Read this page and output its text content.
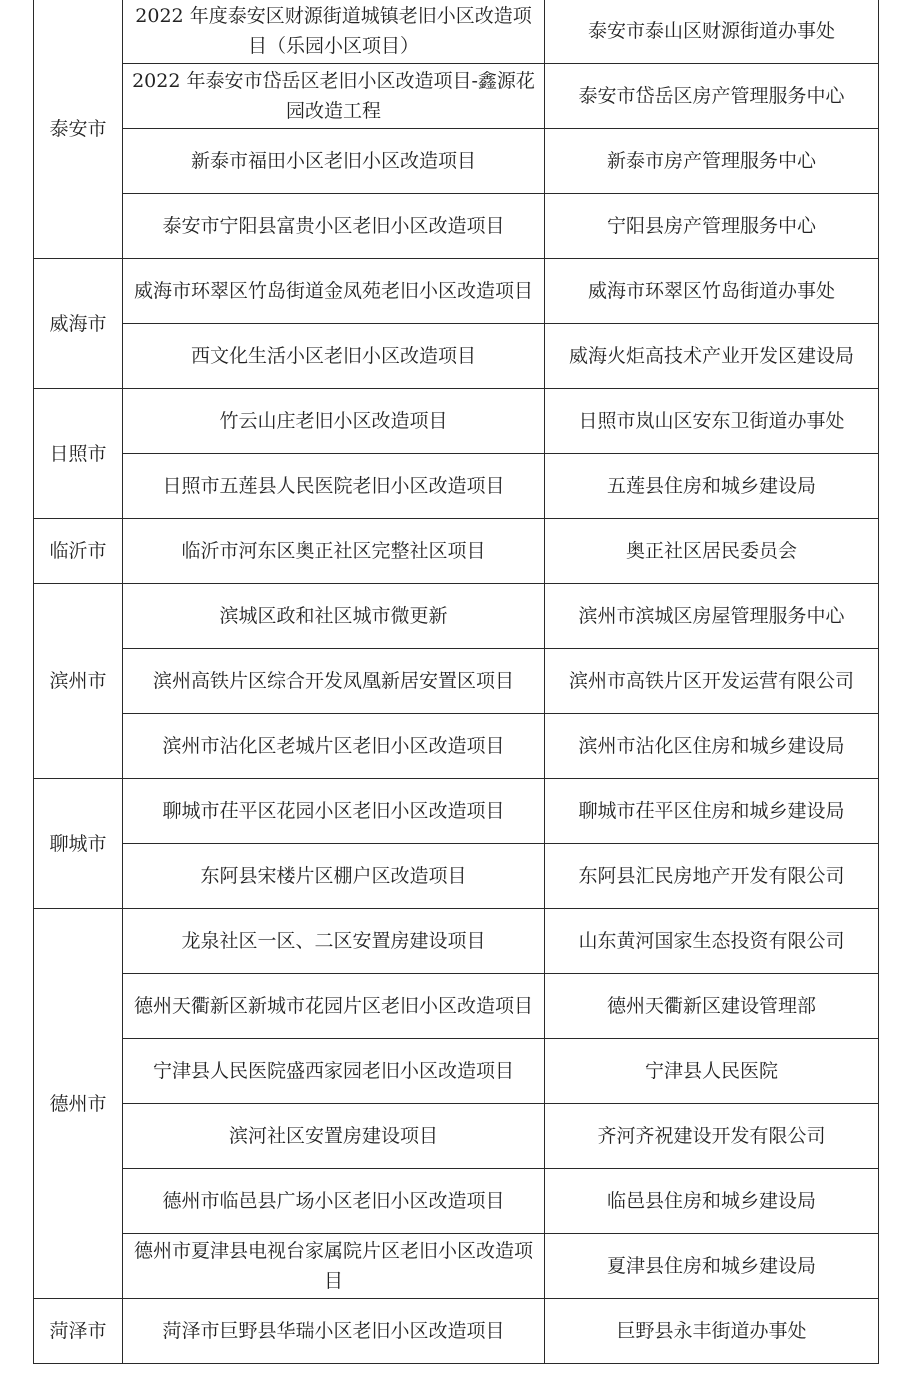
泰安市	2022 年度泰安区财源街道城镇老旧小区改造项目（乐园小区项目）	泰安市泰山区财源街道办事处
	2022 年泰安市岱岳区老旧小区改造项目-鑫源花园改造工程	泰安市岱岳区房产管理服务中心
	新泰市福田小区老旧小区改造项目	新泰市房产管理服务中心
	泰安市宁阳县富贵小区老旧小区改造项目	宁阳县房产管理服务中心
威海市	威海市环翠区竹岛街道金凤苑老旧小区改造项目	威海市环翠区竹岛街道办事处
	西文化生活小区老旧小区改造项目	威海火炬高技术产业开发区建设局
日照市	竹云山庄老旧小区改造项目	日照市岚山区安东卫街道办事处
	日照市五莲县人民医院老旧小区改造项目	五莲县住房和城乡建设局
临沂市	临沂市河东区奥正社区完整社区项目	奥正社区居民委员会
滨州市	滨城区政和社区城市微更新	滨州市滨城区房屋管理服务中心
	滨州高铁片区综合开发凤凰新居安置区项目	滨州市高铁片区开发运营有限公司
	滨州市沾化区老城片区老旧小区改造项目	滨州市沾化区住房和城乡建设局
聊城市	聊城市茌平区花园小区老旧小区改造项目	聊城市茌平区住房和城乡建设局
	东阿县宋楼片区棚户区改造项目	东阿县汇民房地产开发有限公司
德州市	龙泉社区一区、二区安置房建设项目	山东黄河国家生态投资有限公司
	德州天衢新区新城市花园片区老旧小区改造项目	德州天衢新区建设管理部
	宁津县人民医院盛西家园老旧小区改造项目	宁津县人民医院
	滨河社区安置房建设项目	齐河齐祝建设开发有限公司
	德州市临邑县广场小区老旧小区改造项目	临邑县住房和城乡建设局
	德州市夏津县电视台家属院片区老旧小区改造项目	夏津县住房和城乡建设局
菏泽市	菏泽市巨野县华瑞小区老旧小区改造项目	巨野县永丰街道办事处
